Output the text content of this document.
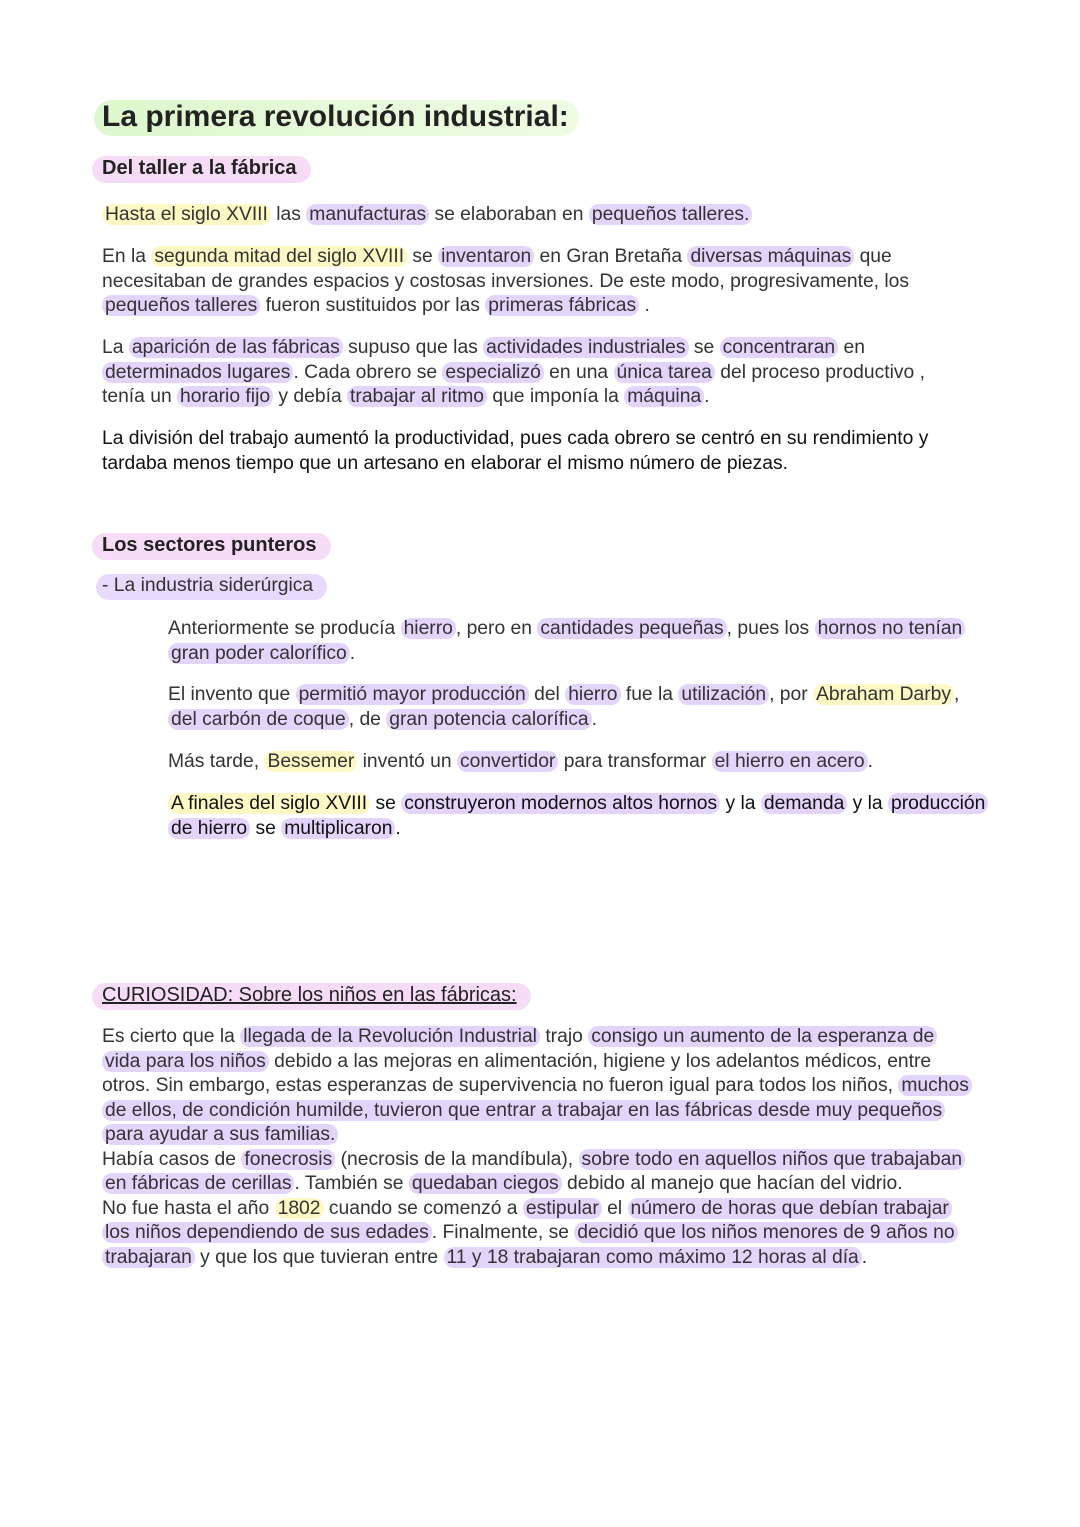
La primera revolución industrial:
Del taller a la fábrica

Hasta el siglo XVIII las manufacturas se elaboraban en pequeños talleres.

En la segunda mitad del siglo XVIII se inventaron en Gran Bretaña diversas máquinas que necesitaban de grandes espacios y costosas inversiones. De este modo, progresivamente, los pequeños talleres fueron sustituidos por las primeras fábricas .

La aparición de las fábricas supuso que las actividades industriales se concentraran en determinados lugares . Cada obrero se especializó en una única tarea del proceso productivo , tenía un horario fijo y debía trabajar al ritmo que imponía la máquina .

La división del trabajo aumentó la productividad, pues cada obrero se centró en su rendimiento y tardaba menos tiempo que un artesano en elaborar el mismo número de piezas.

Los sectores punteros
- La industria siderúrgica

Anteriormente se producía hierro , pero en cantidades pequeñas , pues los hornos no tenían gran poder calorífico .

El invento que permitió mayor producción del hierro fue la utilización , por Abraham Darby , del carbón de coque , de gran potencia calorífica .

Más tarde, Bessemer inventó un convertidor para transformar el hierro en acero .

A finales del siglo XVIII se construyeron modernos altos hornos y la demanda y la producción de hierro se multiplicaron .

CURIOSIDAD: Sobre los niños en las fábricas:

Es cierto que la llegada de la Revolución Industrial trajo consigo un aumento de la esperanza de vida para los niños debido a las mejoras en alimentación, higiene y los adelantos médicos, entre otros. Sin embargo, estas esperanzas de supervivencia no fueron igual para todos los niños, muchos de ellos, de condición humilde, tuvieron que entrar a trabajar en las fábricas desde muy pequeños para ayudar a sus familias.
Había casos de fonecrosis (necrosis de la mandíbula), sobre todo en aquellos niños que trabajaban en fábricas de cerillas . También se quedaban ciegos debido al manejo que hacían del vidrio.
No fue hasta el año 1802 cuando se comenzó a estipular el número de horas que debían trabajar los niños dependiendo de sus edades . Finalmente, se decidió que los niños menores de 9 años no trabajaran y que los que tuvieran entre 11 y 18 trabajaran como máximo 12 horas al día .
